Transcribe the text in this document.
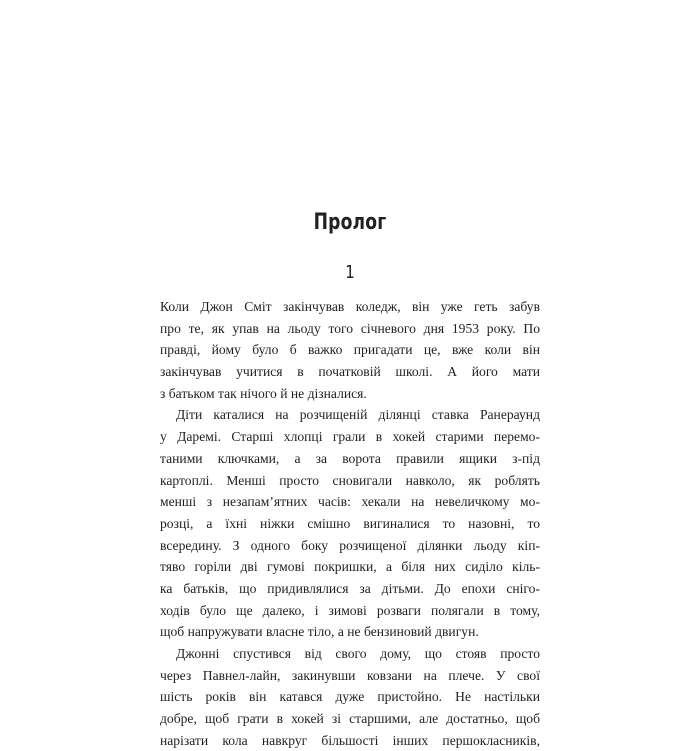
Пролог
1
Коли Джон Сміт закінчував коледж, він уже геть забув
про те, як упав на льоду того січневого дня 1953 року. По
правді, йому було б важко пригадати це, вже коли він
закінчував учитися в початковій школі. А його мати
з батьком так нічого й не дізналися.
Діти каталися на розчищеній ділянці ставка Ранераунд
у Даремі. Старші хлопці грали в хокей старими перемо-
таними ключками, а за ворота правили ящики з-під
картоплі. Менші просто сновигали навколо, як роблять
менші з незапам’ятних часів: хекали на невеличкому мо-
розці, а їхні ніжки смішно вигиналися то назовні, то
всередину. З одного боку розчищеної ділянки льоду кіп-
тяво горіли дві гумові покришки, а біля них сиділо кіль-
ка батьків, що придивлялися за дітьми. До епохи сніго-
ходів було ще далеко, і зимові розваги полягали в тому,
щоб напружувати власне тіло, а не бензиновий двигун.
Джонні спустився від свого дому, що стояв просто
через Павнел-лайн, закинувши ковзани на плече. У свої
шість років він катався дуже пристойно. Не настільки
добре, щоб грати в хокей зі старшими, але достатньо, щоб
нарізати кола навкруг більшості інших першокласників,
